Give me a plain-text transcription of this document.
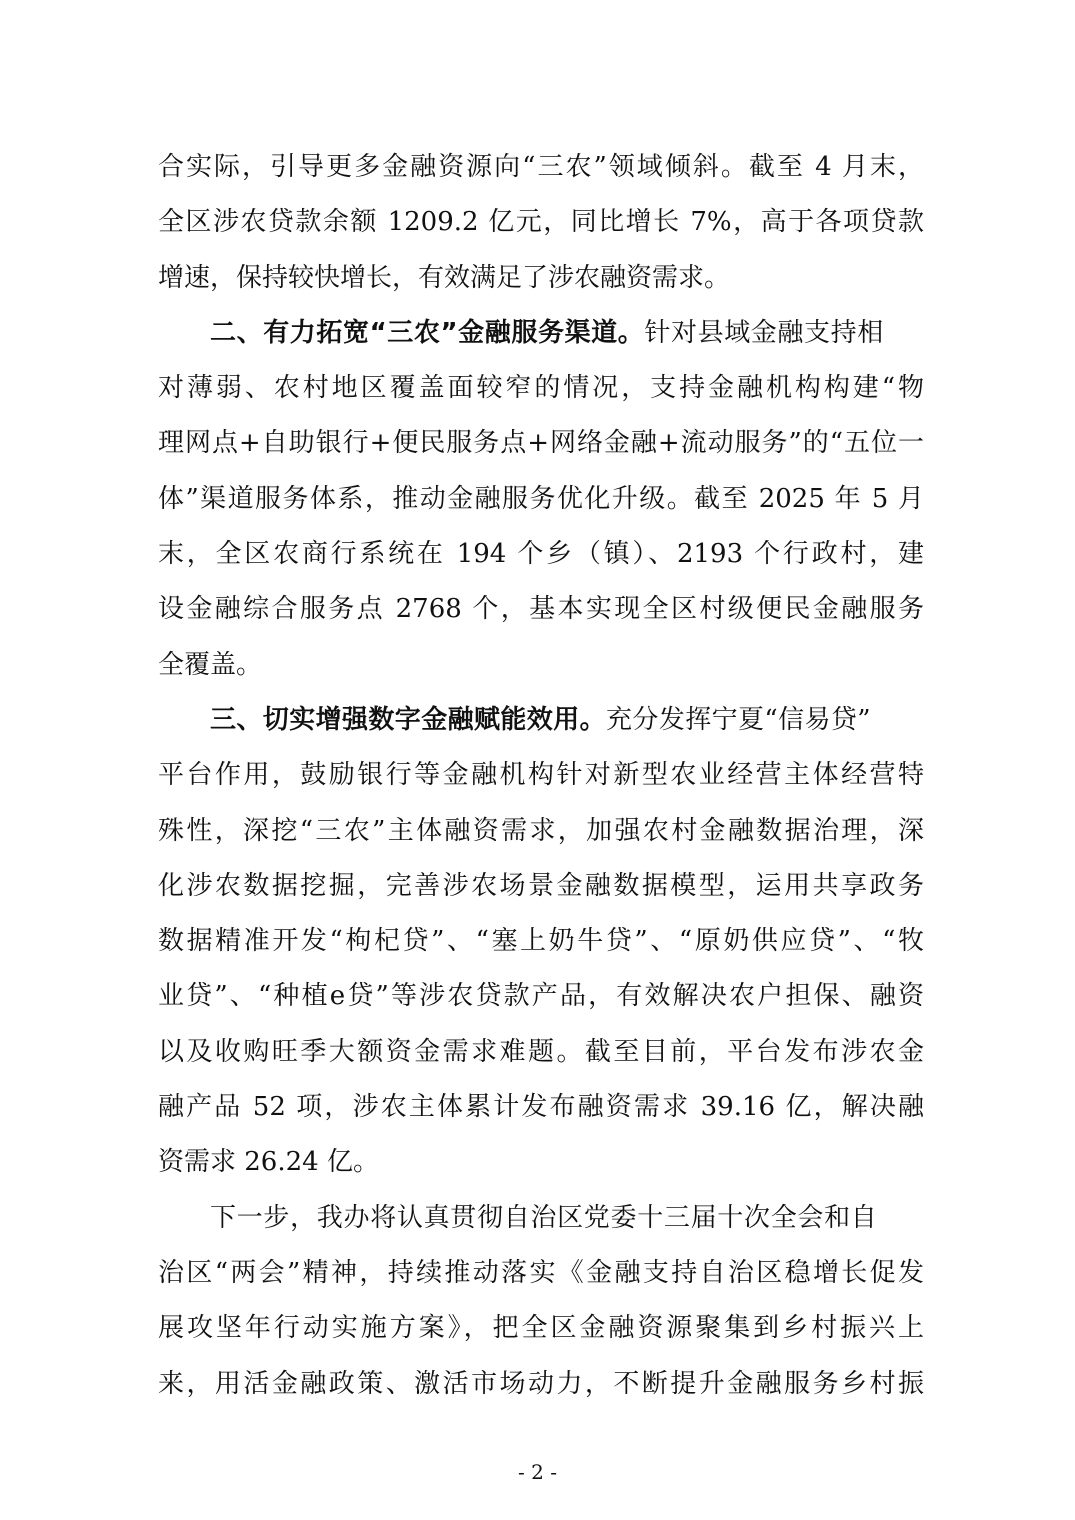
合实际，引导更多金融资源向“三农”领域倾斜。截至 4 月末，
全区涉农贷款余额 1209.2 亿元，同比增长 7%，高于各项贷款
增速，保持较快增长，有效满足了涉农融资需求。
二、有力拓宽“三农”金融服务渠道。针对县域金融支持相
对薄弱、农村地区覆盖面较窄的情况，支持金融机构构建“物
理网点+自助银行+便民服务点+网络金融+流动服务”的“五位一
体”渠道服务体系，推动金融服务优化升级。截至 2025 年 5 月
末，全区农商行系统在 194 个乡（镇）、2193 个行政村，建
设金融综合服务点 2768 个，基本实现全区村级便民金融服务
全覆盖。
三、切实增强数字金融赋能效用。充分发挥宁夏“信易贷”
平台作用，鼓励银行等金融机构针对新型农业经营主体经营特
殊性，深挖“三农”主体融资需求，加强农村金融数据治理，深
化涉农数据挖掘，完善涉农场景金融数据模型，运用共享政务
数据精准开发“枸杞贷”、“塞上奶牛贷”、“原奶供应贷”、“牧
业贷”、“种植e贷”等涉农贷款产品，有效解决农户担保、融资
以及收购旺季大额资金需求难题。截至目前，平台发布涉农金
融产品 52 项，涉农主体累计发布融资需求 39.16 亿，解决融
资需求 26.24 亿。
下一步，我办将认真贯彻自治区党委十三届十次全会和自
治区“两会”精神，持续推动落实《金融支持自治区稳增长促发
展攻坚年行动实施方案》，把全区金融资源聚集到乡村振兴上
来，用活金融政策、激活市场动力，不断提升金融服务乡村振
- 2 -
